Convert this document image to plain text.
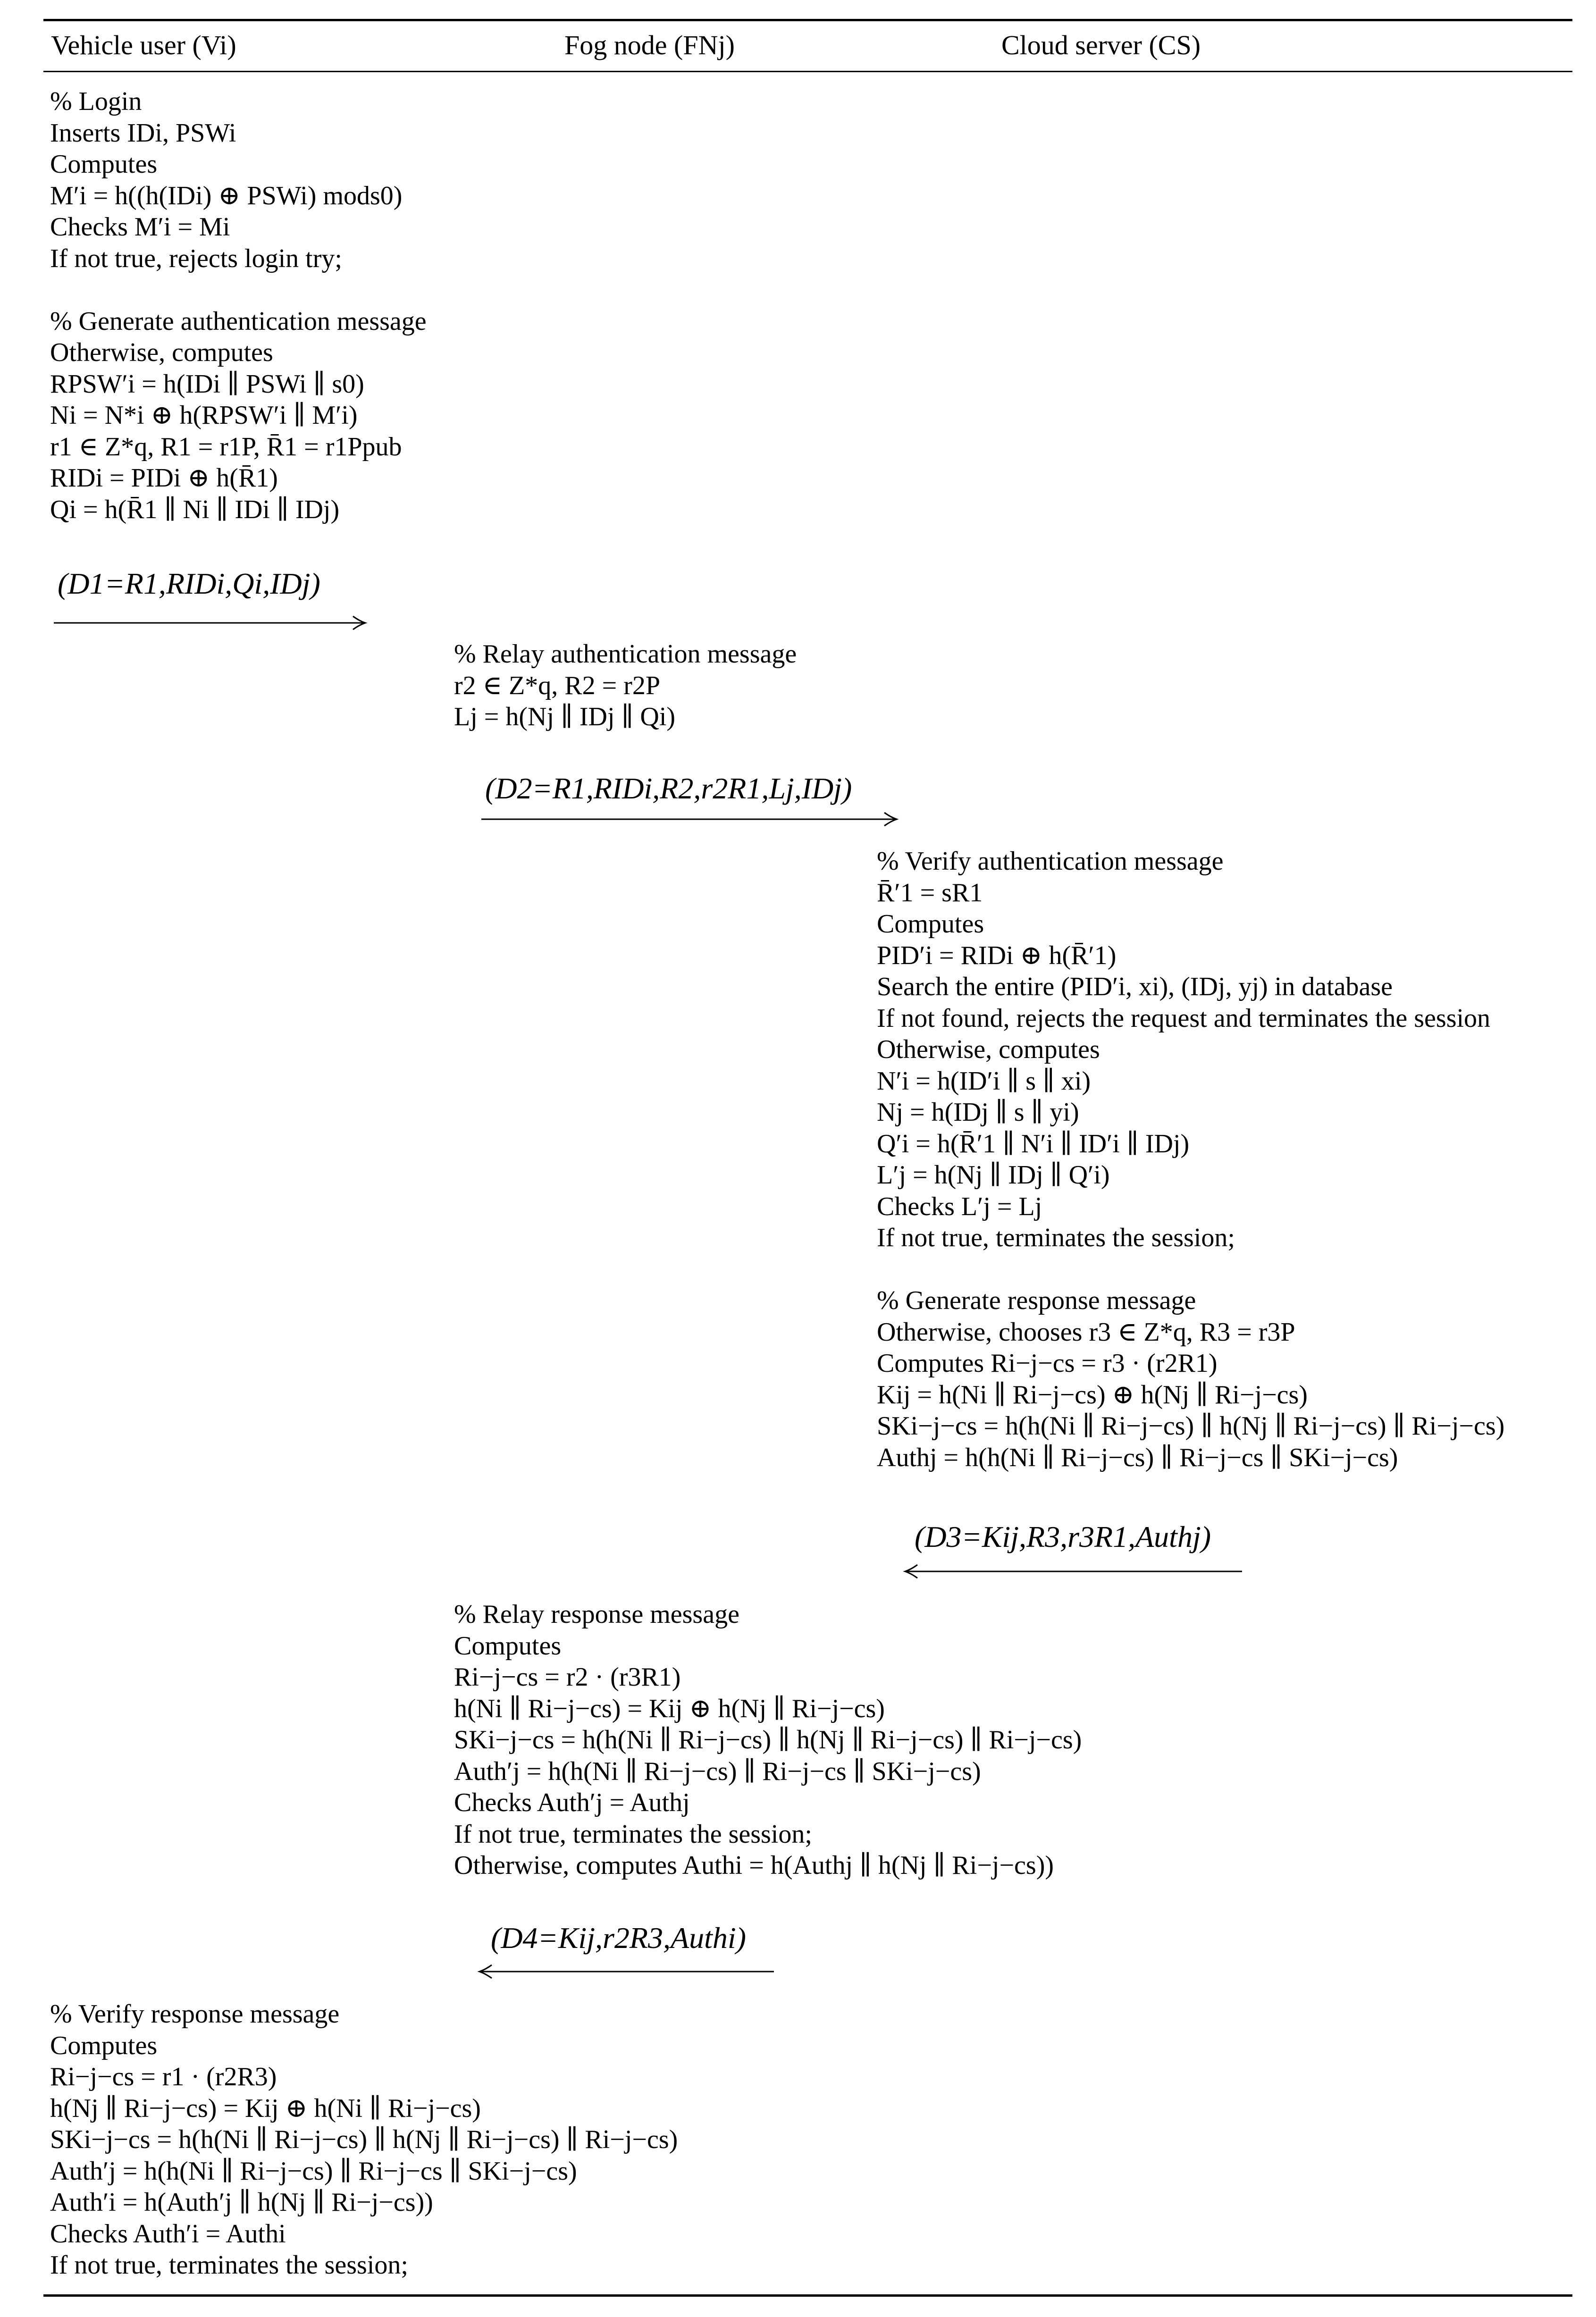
Vehicle user (Vi)	Fog node (FNj)	Cloud server (CS)
% Login
Inserts IDi, PSWi
Computes
M′i = h((h(IDi) ⊕ PSWi) mods0)
Checks M′i = Mi
If not true, rejects login try;
% Generate authentication message
Otherwise, computes
RPSW′i = h(IDi ∥ PSWi ∥ s0)
Ni = N*i ⊕ h(RPSW′i ∥ M′i)
r1 ∈ Z*q, R1 = r1P, R̄1 = r1Ppub
RIDi = PIDi ⊕ h(R̄1)
Qi = h(R̄1 ∥ Ni ∥ IDi ∥ IDj)
(D1=R1,RIDi,Qi,IDj)
% Relay authentication message
r2 ∈ Z*q, R2 = r2P
Lj = h(Nj ∥ IDj ∥ Qi)
(D2=R1,RIDi,R2,r2R1,Lj,IDj)
% Verify authentication message
R̄′1 = sR1
Computes
PID′i = RIDi ⊕ h(R̄′1)
Search the entire (PID′i, xi), (IDj, yj) in database
If not found, rejects the request and terminates the session
Otherwise, computes
N′i = h(ID′i ∥ s ∥ xi)
Nj = h(IDj ∥ s ∥ yi)
Q′i = h(R̄′1 ∥ N′i ∥ ID′i ∥ IDj)
L′j = h(Nj ∥ IDj ∥ Q′i)
Checks L′j = Lj
If not true, terminates the session;
% Generate response message
Otherwise, chooses r3 ∈ Z*q, R3 = r3P
Computes Ri−j−cs = r3 · (r2R1)
Kij = h(Ni ∥ Ri−j−cs) ⊕ h(Nj ∥ Ri−j−cs)
SKi−j−cs = h(h(Ni ∥ Ri−j−cs) ∥ h(Nj ∥ Ri−j−cs) ∥ Ri−j−cs)
Authj = h(h(Ni ∥ Ri−j−cs) ∥ Ri−j−cs ∥ SKi−j−cs)
(D3=Kij,R3,r3R1,Authj)
% Relay response message
Computes
Ri−j−cs = r2 · (r3R1)
h(Ni ∥ Ri−j−cs) = Kij ⊕ h(Nj ∥ Ri−j−cs)
SKi−j−cs = h(h(Ni ∥ Ri−j−cs) ∥ h(Nj ∥ Ri−j−cs) ∥ Ri−j−cs)
Auth′j = h(h(Ni ∥ Ri−j−cs) ∥ Ri−j−cs ∥ SKi−j−cs)
Checks Auth′j = Authj
If not true, terminates the session;
Otherwise, computes Authi = h(Authj ∥ h(Nj ∥ Ri−j−cs))
(D4=Kij,r2R3,Authi)
% Verify response message
Computes
Ri−j−cs = r1 · (r2R3)
h(Nj ∥ Ri−j−cs) = Kij ⊕ h(Ni ∥ Ri−j−cs)
SKi−j−cs = h(h(Ni ∥ Ri−j−cs) ∥ h(Nj ∥ Ri−j−cs) ∥ Ri−j−cs)
Auth′j = h(h(Ni ∥ Ri−j−cs) ∥ Ri−j−cs ∥ SKi−j−cs)
Auth′i = h(Auth′j ∥ h(Nj ∥ Ri−j−cs))
Checks Auth′i = Authi
If not true, terminates the session;
